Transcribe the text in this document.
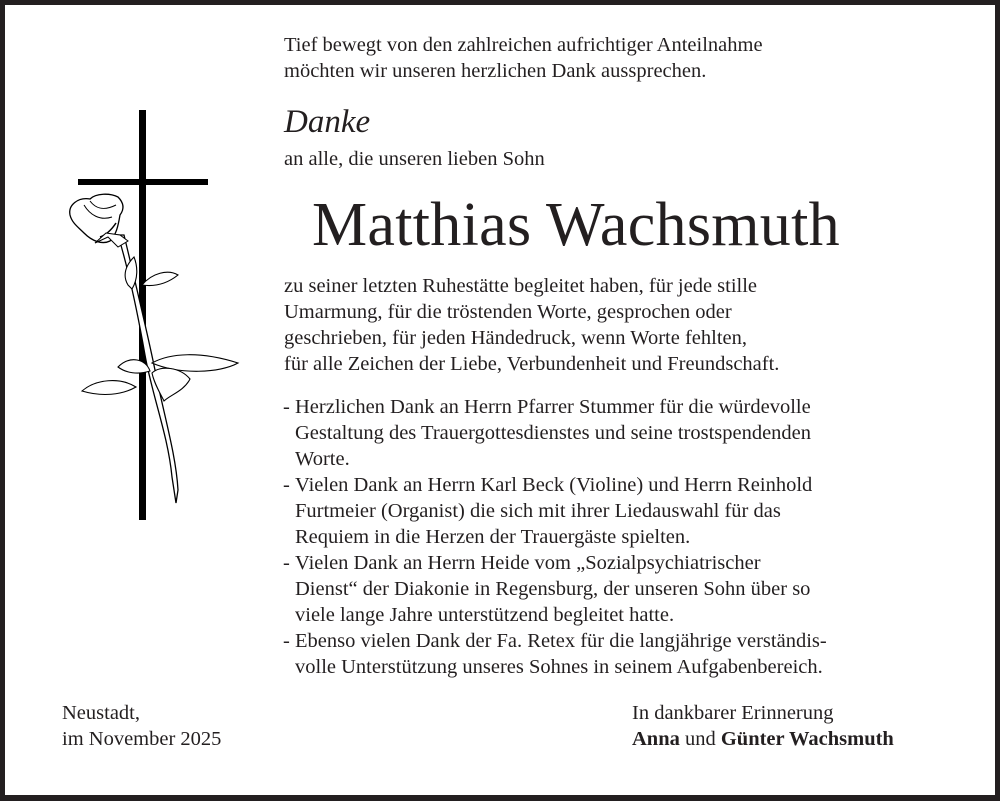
Tief bewegt von den zahlreichen aufrichtiger Anteilnahme
möchten wir unseren herzlichen Dank aussprechen.
Danke
an alle, die unseren lieben Sohn
Matthias Wachsmuth
zu seiner letzten Ruhestätte begleitet haben, für jede stille
Umarmung, für die tröstenden Worte, gesprochen oder
geschrieben, für jeden Händedruck, wenn Worte fehlten,
für alle Zeichen der Liebe, Verbundenheit und Freundschaft.
- Herzlichen Dank an Herrn Pfarrer Stummer für die würdevolle
Gestaltung des Trauergottesdienstes und seine trostspendenden
Worte.
- Vielen Dank an Herrn Karl Beck (Violine) und Herrn Reinhold
Furtmeier (Organist) die sich mit ihrer Liedauswahl für das
Requiem in die Herzen der Trauergäste spielten.
- Vielen Dank an Herrn Heide vom „Sozialpsychiatrischer
Dienst“ der Diakonie in Regensburg, der unseren Sohn über so
viele lange Jahre unterstützend begleitet hatte.
- Ebenso vielen Dank der Fa. Retex für die langjährige verständis-
volle Unterstützung unseres Sohnes in seinem Aufgabenbereich.
Neustadt,
im November 2025
In dankbarer Erinnerung
Anna und Günter Wachsmuth
